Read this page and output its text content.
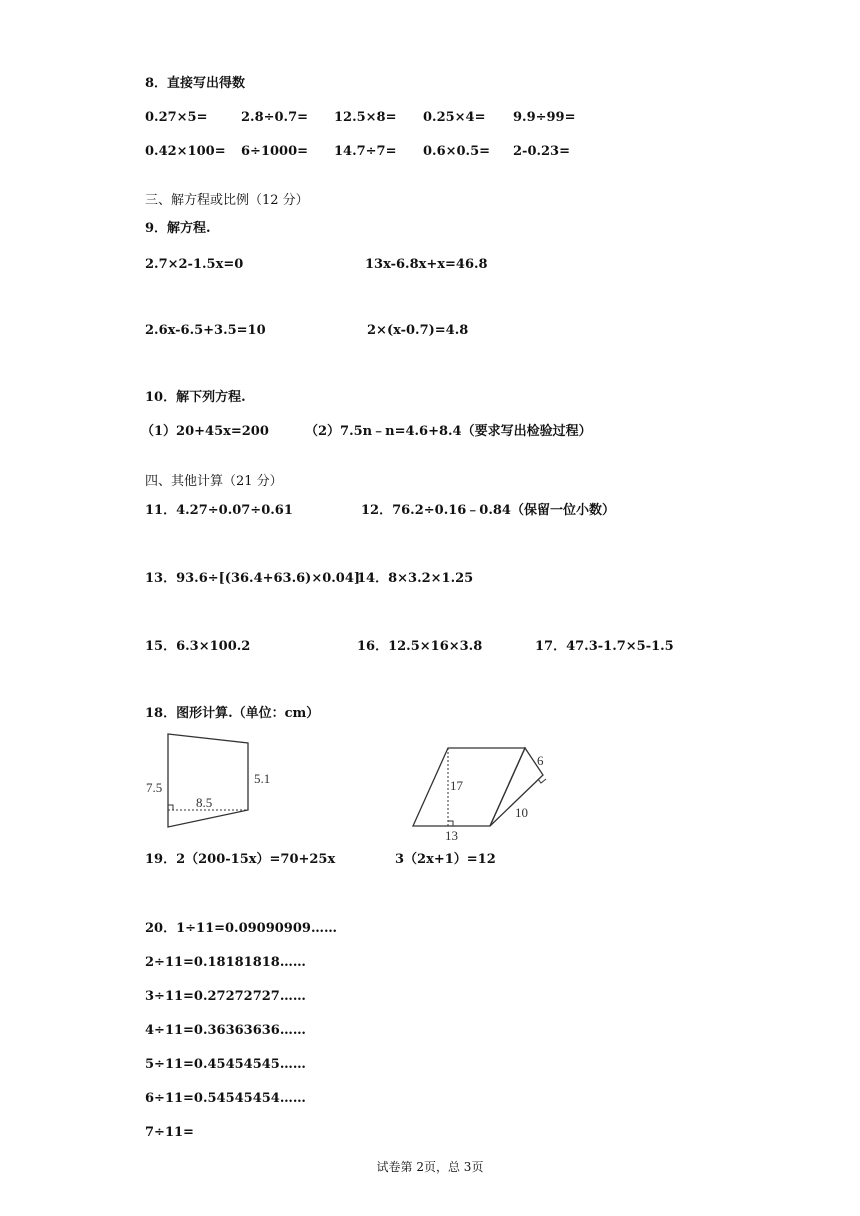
8．直接写出得数
0.27×5=	2.8÷0.7= 12.5×8= 0.25×4= 9.9÷99=
0.42×100= 6÷1000= 14.7÷7= 0.6×0.5= 2-0.23=
三、解方程或比例（12 分）
9．解方程.
2.7×2-1.5x=0	13x-6.8x+x=46.8
2.6x-6.5+3.5=10	2×(x-0.7)=4.8
10．解下列方程.
（1）20+45x=200	（2）7.5n﹣n=4.6+8.4（要求写出检验过程）
四、其他计算（21 分）
11．4.27÷0.07÷0.61	12．76.2÷0.16﹣0.84（保留一位小数）
13．93.6÷[(36.4+63.6)×0.04]
14．8×3.2×1.25
15．6.3×100.2	16．12.5×16×3.8	17．47.3-1.7×5-1.5
18．图形计算.（单位：cm）
7.5
8.5
5.1	17
13
10
6
19．2（200-15x）=70+25x	3（2x+1）=12
20．1÷11=0.09090909……
2÷11=0.18181818……
3÷11=0.27272727……
4÷11=0.36363636……
5÷11=0.45454545……
6÷11=0.54545454……
7÷11=
试卷第 2页，总 3页
